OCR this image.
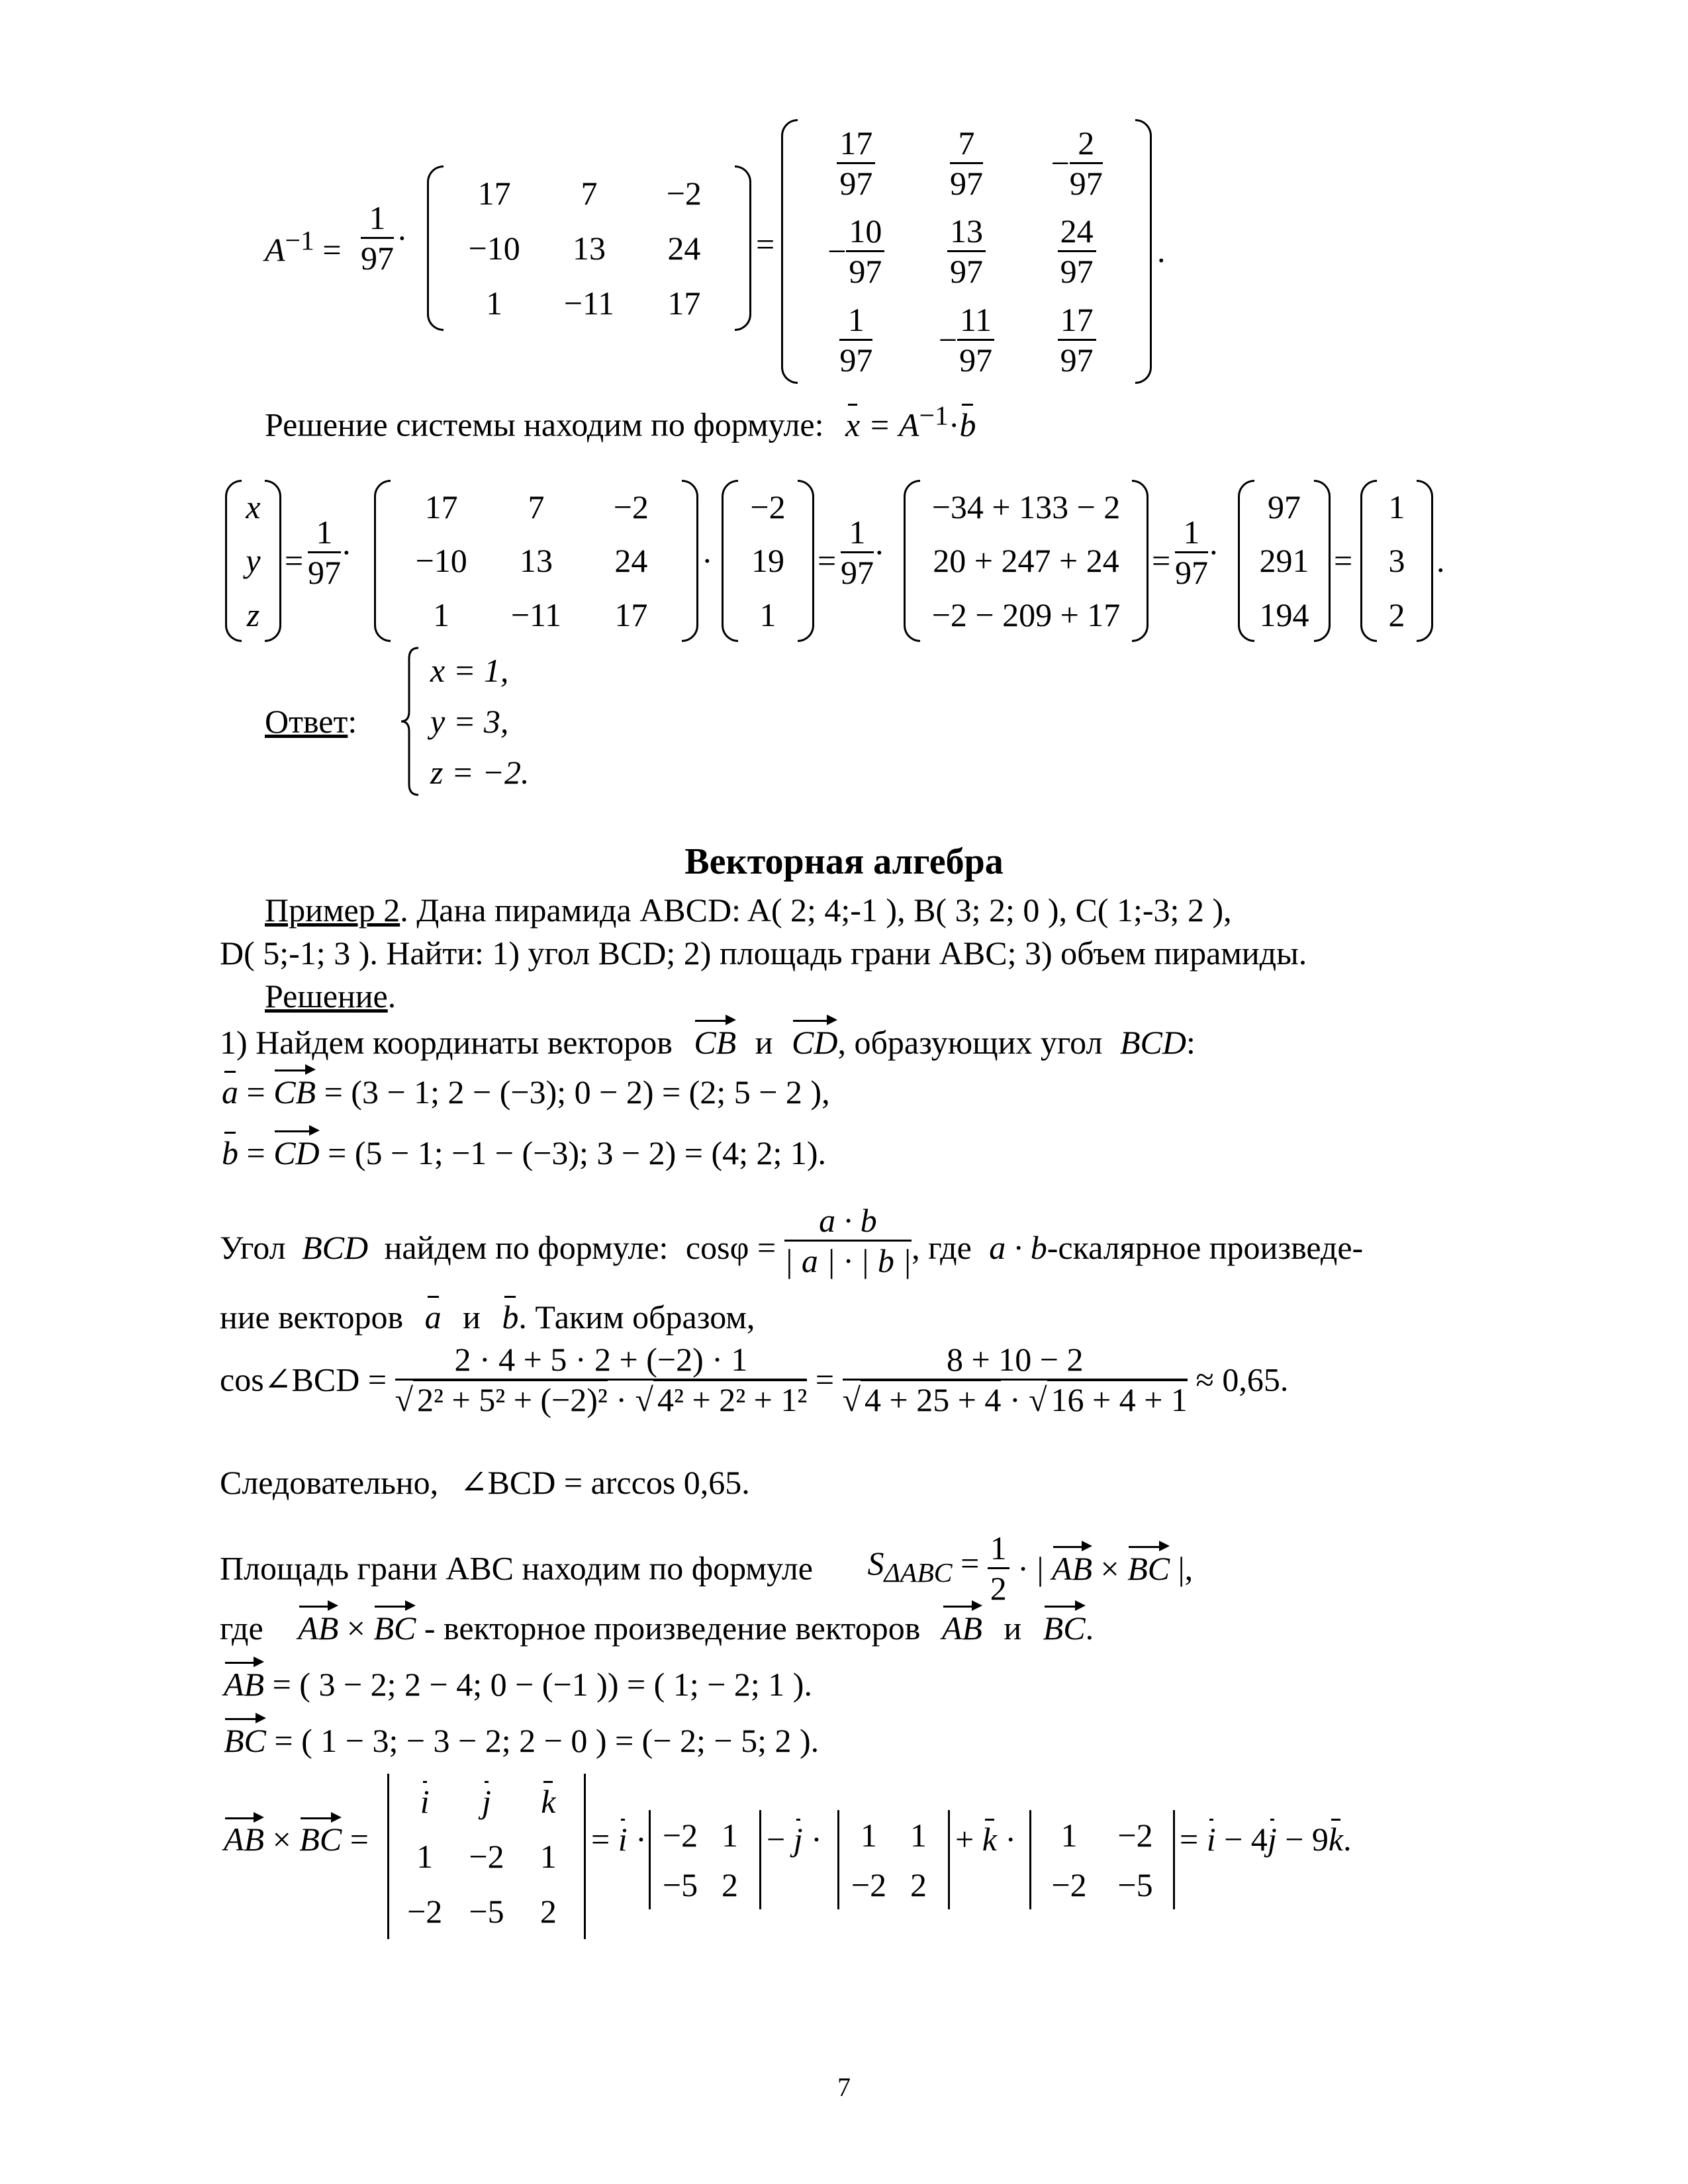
$A^{-1} = \frac{1}{97}$ ·
17 7 −2
−10 13 24
1 −11 17
=
$\frac{17}{97} \frac{7}{97} - \frac{2}{97}$
− $\frac{10}{97} \frac{13}{97} \frac{24}{97}$
$\frac{1}{97} - \frac{11}{97} \frac{17}{97}$
.
Решение системы находим по формуле: $x = A^{-1}\cdot b$
x
y
z
= $\frac{1}{97}$ ·
17 7 −2
−10 13 24
1 −11 17
·
−2
19
1
= $\frac{1}{97}$ ·
−34 + 133 − 2
20 + 247 + 24
−2 − 209 + 17
= $\frac{1}{97}$ ·
97
291
194
=
1
3
2
.
Ответ:
x = 1,
y = 3,
z = −2.
Векторная алгебра
Пример 2. Дана пирамида ABCD: A( 2; 4;-1 ), B( 3; 2; 0 ), C( 1;-3; 2 ),
D( 5;-1; 3 ). Найти: 1) угол BCD; 2) площадь грани ABC; 3) объем пирамиды.
Решение.
1) Найдем координаты векторов CB и CD, образующих угол BCD:
a = CB = (3 − 1; 2 − (−3); 0 − 2) = (2; 5 − 2 ),
b = CD = (5 − 1; −1 − (−3); 3 − 2) = (4; 2; 1).
Угол BCD найдем по формуле: $\cos\varphi = \frac{a \cdot b}{| a | \cdot | b |}$ , где a · b-скалярное произведе-
ние векторов a и b. Таким образом,
cos∠BCD = $\frac{2 \cdot 4 + 5 \cdot 2 + (-2) \cdot 1}{\text{√ 2² + 5² + (−2)² · √ 4² + 2² + 1²}} = \frac{8 + 10 - 2}{√ 4 + 25 + 4 \cdot √ 16 + 4 + 1} \approx 0,65$.
Следовательно, ∠BCD = arccos 0,65.
Площадь грани ABC находим по формуле $S_{\Delta ABC} = \frac{1}{2}$ · | AB × BC |,
где AB × BC - векторное произведение векторов AB и BC.
AB = ( 3 − 2; 2 − 4; 0 − (−1 )) = ( 1; − 2; 1 ).
BC = ( 1 − 3; − 3 − 2; 2 − 0 ) = (− 2; − 5; 2 ).
AB × BC =
i j k
1 −2 1
−2 −5 2
= i · −2 1
−5 2
− j · 1 1
−2 2
+ k · 1 −2
−2 −5
= i − 4j − 9k.
7
